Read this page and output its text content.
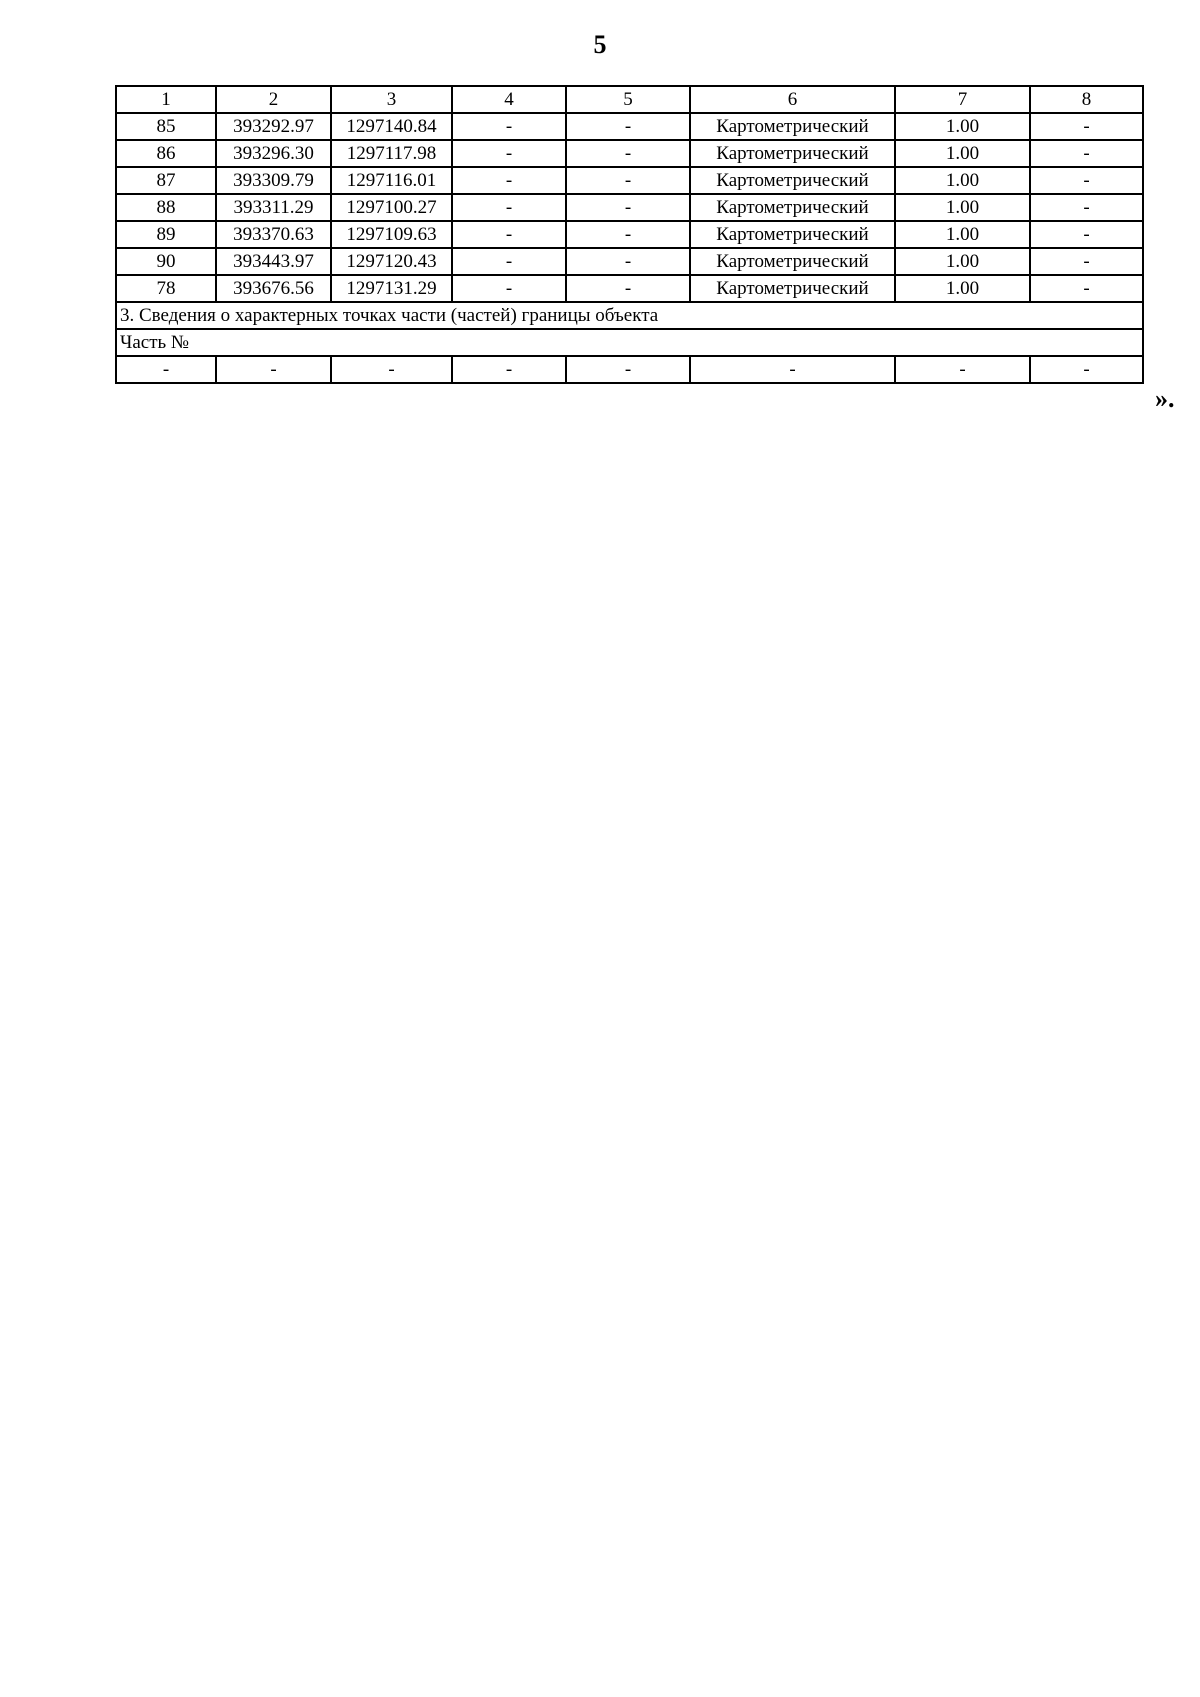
5
1	2	3	4	5	6	7	8
85	393292.97	1297140.84	-	-	Картометрический	1.00	-
86	393296.30	1297117.98	-	-	Картометрический	1.00	-
87	393309.79	1297116.01	-	-	Картометрический	1.00	-
88	393311.29	1297100.27	-	-	Картометрический	1.00	-
89	393370.63	1297109.63	-	-	Картометрический	1.00	-
90	393443.97	1297120.43	-	-	Картометрический	1.00	-
78	393676.56	1297131.29	-	-	Картометрический	1.00	-
3. Сведения о характерных точках части (частей) границы объекта							
Часть №							
-	-	-	-	-	-	-	-
».
